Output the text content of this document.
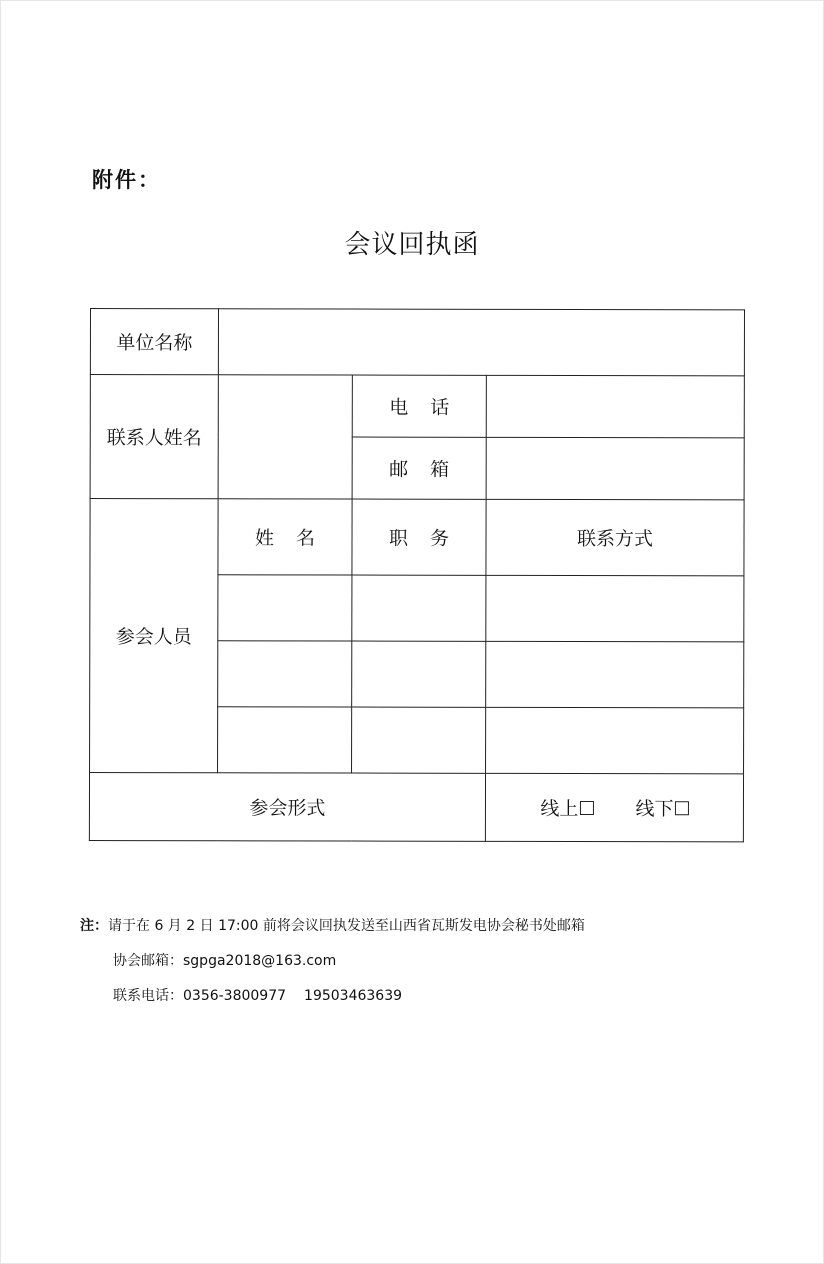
附件：
会议回执函
单位名称			
联系人姓名		电话	
		邮箱	
参会人员	姓名	职务	联系方式

参会形式			线上 线下

注：请于在 6 月 2 日 17:00 前将会议回执发送至山西省瓦斯发电协会秘书处邮箱

协会邮箱：sgpga2018@163.com

联系电话：0356-3800977 19503463639
